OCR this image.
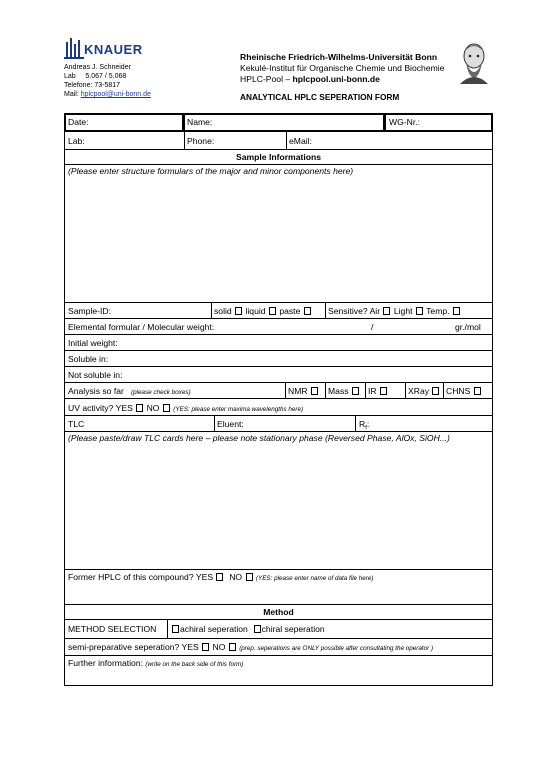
KNAUER
Andreas J. Schneider
Lab     5.067 / 5.068
Telefone: 73-5817
Mail: hplcpool@uni-bonn.de
Rheinische Friedrich-Wilhelms-Universität Bonn
Kekulé-Institut für Organische Chemie und Biochemie
HPLC-Pool – hplcpool.uni-bonn.de
ANALYTICAL HPLC SEPERATION FORM
Date:	Name:	WG-Nr.:
Lab:	Phone:	eMail:
Sample Informations
(Please enter structure formulars of the major and minor components here)
Sample-ID:	solid liquid paste	Sensitive? Air Light Temp.
Elemental formular / Molecular weight:	/	gr./mol
Initial weight:
Soluble in:
Not soluble in:
Analysis so far (please check boxes)	NMR	Mass	IR	XRay	CHNS
UV activity? YES NO (YES: please enter maxima wavelengths here)
TLC	Eluent:	$R_f$:
(Please paste/draw TLC cards here – please note stationary phase (Reversed Phase, AlOx, SiOH...)
Former HPLC of this compound? YES NO (YES: please enter name of data file here)
Method
METHOD SELECTION	achiral seperation chiral seperation
semi-preparative seperation? YES NO (prep. seperations are ONLY possible after consultating the operator )
Further information: (write on the back side of this form)
